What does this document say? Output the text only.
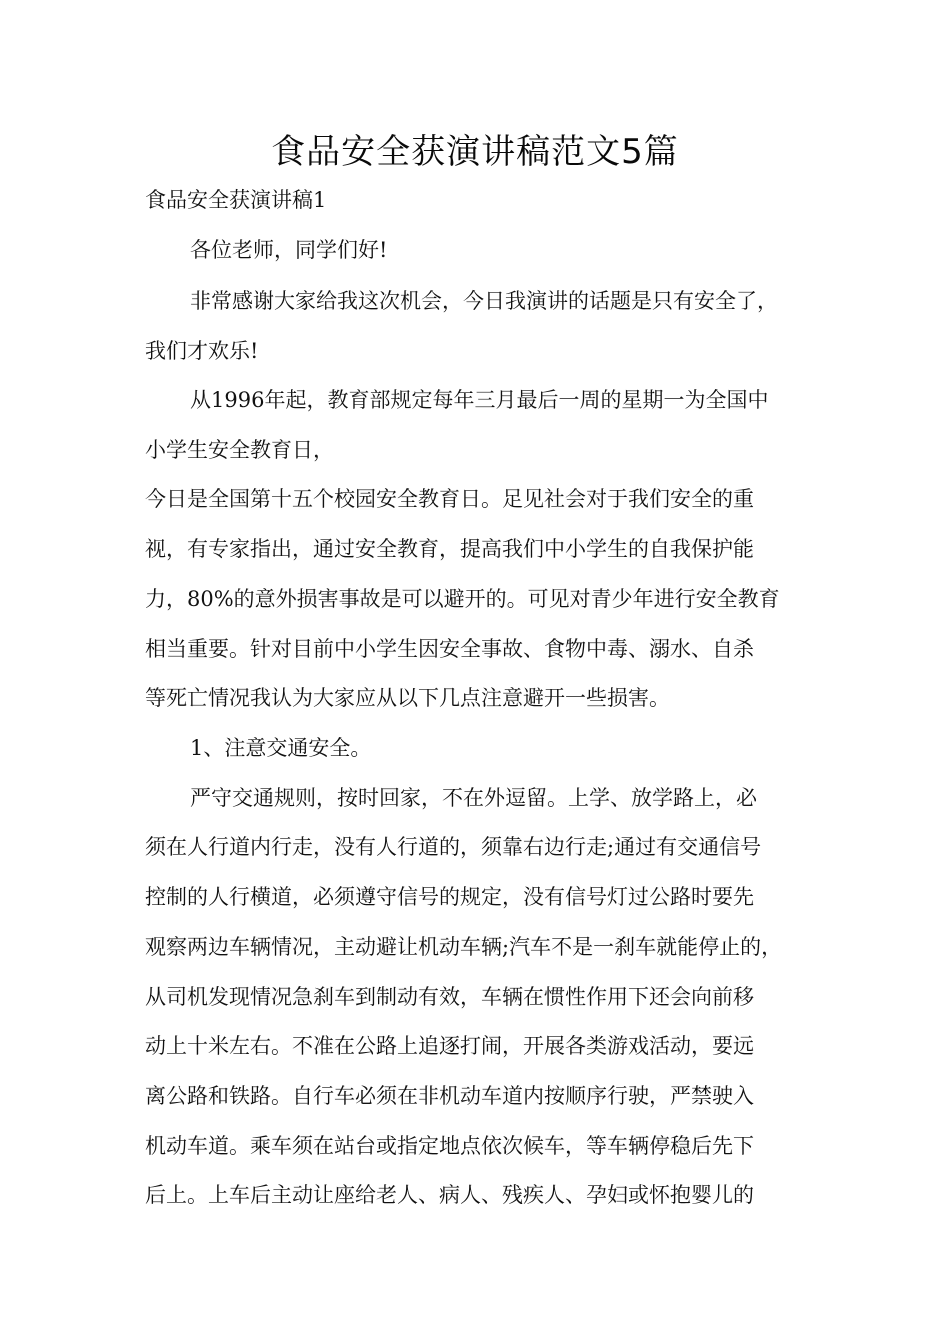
食品安全获演讲稿范文5篇
食品安全获演讲稿1
各位老师，同学们好!
非常感谢大家给我这次机会，今日我演讲的话题是只有安全了，
我们才欢乐!
从1996年起，教育部规定每年三月最后一周的星期一为全国中
小学生安全教育日，
今日是全国第十五个校园安全教育日。足见社会对于我们安全的重
视，有专家指出，通过安全教育，提高我们中小学生的自我保护能
力，80%的意外损害事故是可以避开的。可见对青少年进行安全教育
相当重要。针对目前中小学生因安全事故、食物中毒、溺水、自杀
等死亡情况我认为大家应从以下几点注意避开一些损害。
1、注意交通安全。
严守交通规则，按时回家，不在外逗留。上学、放学路上，必
须在人行道内行走，没有人行道的，须靠右边行走;通过有交通信号
控制的人行横道，必须遵守信号的规定，没有信号灯过公路时要先
观察两边车辆情况，主动避让机动车辆;汽车不是一刹车就能停止的，
从司机发现情况急刹车到制动有效，车辆在惯性作用下还会向前移
动上十米左右。不准在公路上追逐打闹，开展各类游戏活动，要远
离公路和铁路。自行车必须在非机动车道内按顺序行驶，严禁驶入
机动车道。乘车须在站台或指定地点依次候车，等车辆停稳后先下
后上。上车后主动让座给老人、病人、残疾人、孕妇或怀抱婴儿的
